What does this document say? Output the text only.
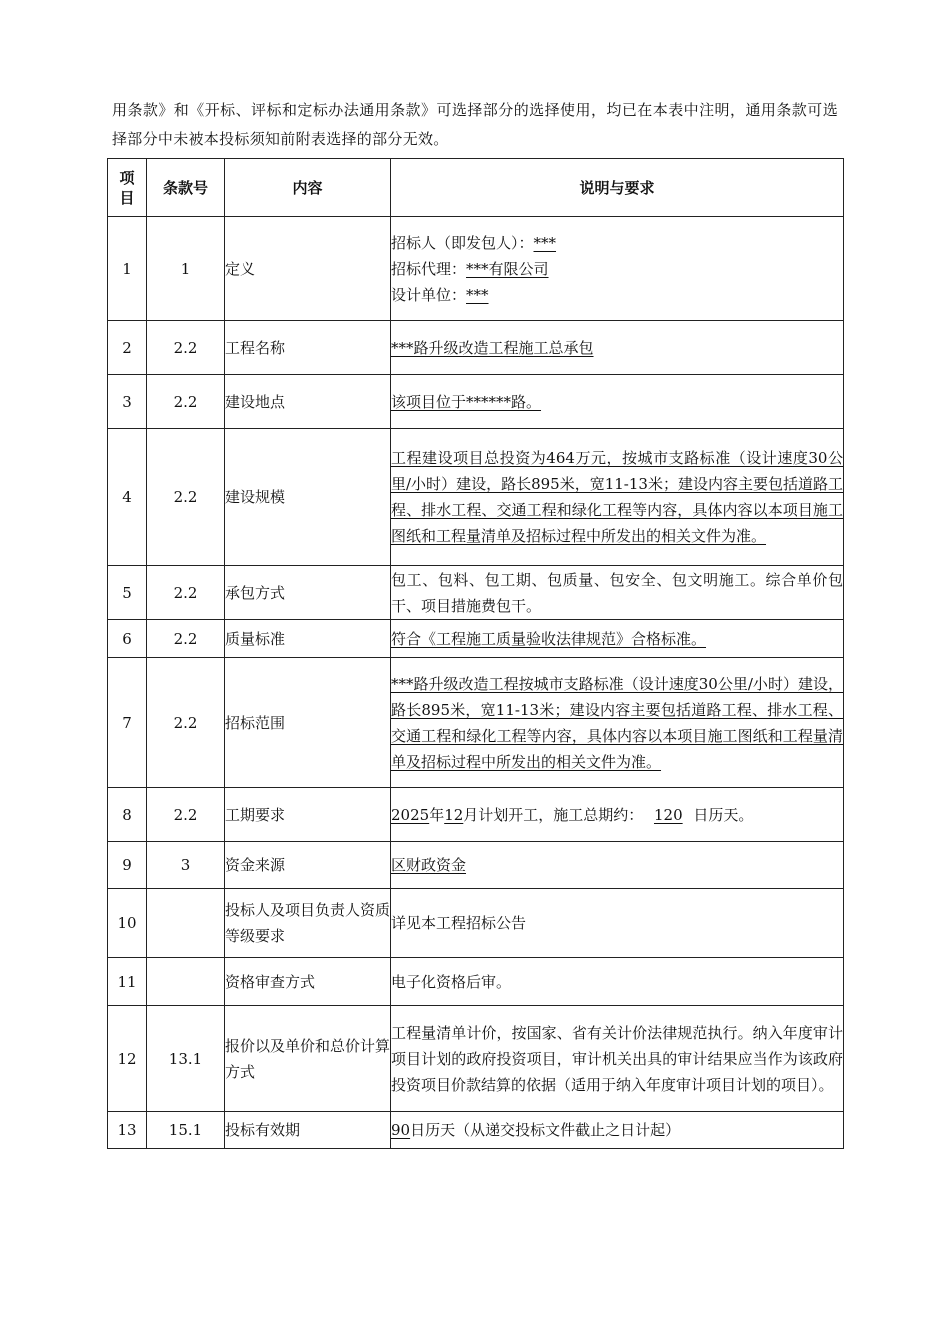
用条款》和《开标、评标和定标办法通用条款》可选择部分的选择使用，均已在本表中注明，通用条款可选择部分中未被本投标须知前附表选择的部分无效。
项目	条款号	内容	说明与要求
1	1	定义	招标人（即发包人）：***
招标代理：***有限公司
设计单位：***

2	2.2	工程名称	***路升级改造工程施工总承包
3	2.2	建设地点	该项目位于******路。
4	2.2	建设规模	工程建设项目总投资为464万元，按城市支路标准（设计速度30公里/小时）建设，路长895米，宽11-13米；建设内容主要包括道路工程、排水工程、交通工程和绿化工程等内容，具体内容以本项目施工图纸和工程量清单及招标过程中所发出的相关文件为准。
5	2.2	承包方式	包工、包料、包工期、包质量、包安全、包文明施工。综合单价包干、项目措施费包干。
6	2.2	质量标准	符合《工程施工质量验收法律规范》合格标准。
7	2.2	招标范围	***路升级改造工程按城市支路标准（设计速度30公里/小时）建设，路长895米，宽11-13米；建设内容主要包括道路工程、排水工程、交通工程和绿化工程等内容，具体内容以本项目施工图纸和工程量清单及招标过程中所发出的相关文件为准。
8	2.2	工期要求	2025年12月计划开工，施工总期约： 120 日历天。
9	3	资金来源	区财政资金
10		投标人及项目负责人资质等级要求	详见本工程招标公告
11		资格审查方式	电子化资格后审。
12	13.1	报价以及单价和总价计算方式	工程量清单计价，按国家、省有关计价法律规范执行。纳入年度审计项目计划的政府投资项目，审计机关出具的审计结果应当作为该政府投资项目价款结算的依据（适用于纳入年度审计项目计划的项目）。
13	15.1	投标有效期	90日历天（从递交投标文件截止之日计起）
